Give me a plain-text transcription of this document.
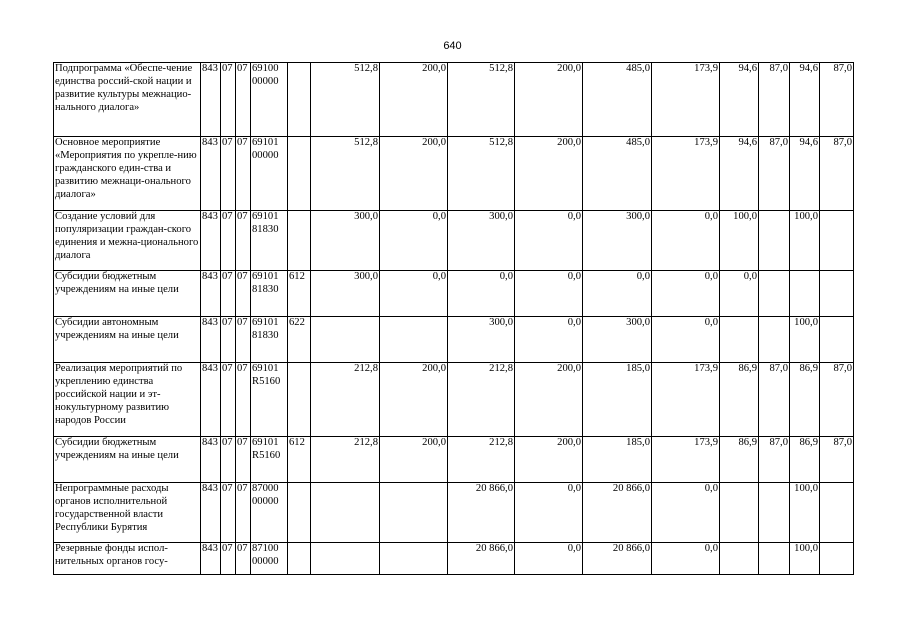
640
Подпрограмма «Обеспе-чение единства россий-ской нации и развитие культуры межнацио-нального диалога»	843	07	07	69100 00000		512,8	200,0	512,8	200,0	485,0	173,9	94,6	87,0	94,6	87,0
Основное мероприятие «Мероприятия по укрепле-нию гражданского един-ства и развитию межнаци-онального диалога»	843	07	07	69101 00000		512,8	200,0	512,8	200,0	485,0	173,9	94,6	87,0	94,6	87,0
Создание условий для популяризации граждан-ского единения и межна-ционального диалога	843	07	07	69101 81830		300,0	0,0	300,0	0,0	300,0	0,0	100,0		100,0	
Субсидии бюджетным учреждениям на иные цели	843	07	07	69101 81830	612	300,0	0,0	0,0	0,0	0,0	0,0	0,0			
Субсидии автономным учреждениям на иные цели	843	07	07	69101 81830	622			300,0	0,0	300,0	0,0			100,0	
Реализация мероприятий по укреплению единства российской нации и эт-нокультурному развитию народов России	843	07	07	69101 R5160		212,8	200,0	212,8	200,0	185,0	173,9	86,9	87,0	86,9	87,0
Субсидии бюджетным учреждениям на иные цели	843	07	07	69101 R5160	612	212,8	200,0	212,8	200,0	185,0	173,9	86,9	87,0	86,9	87,0
Непрограммные расходы органов исполнительной государственной власти Республики Бурятия	843	07	07	87000 00000				20 866,0	0,0	20 866,0	0,0			100,0	
Резервные фонды испол-нительных органов госу-	843	07	07	87100 00000				20 866,0	0,0	20 866,0	0,0			100,0	
